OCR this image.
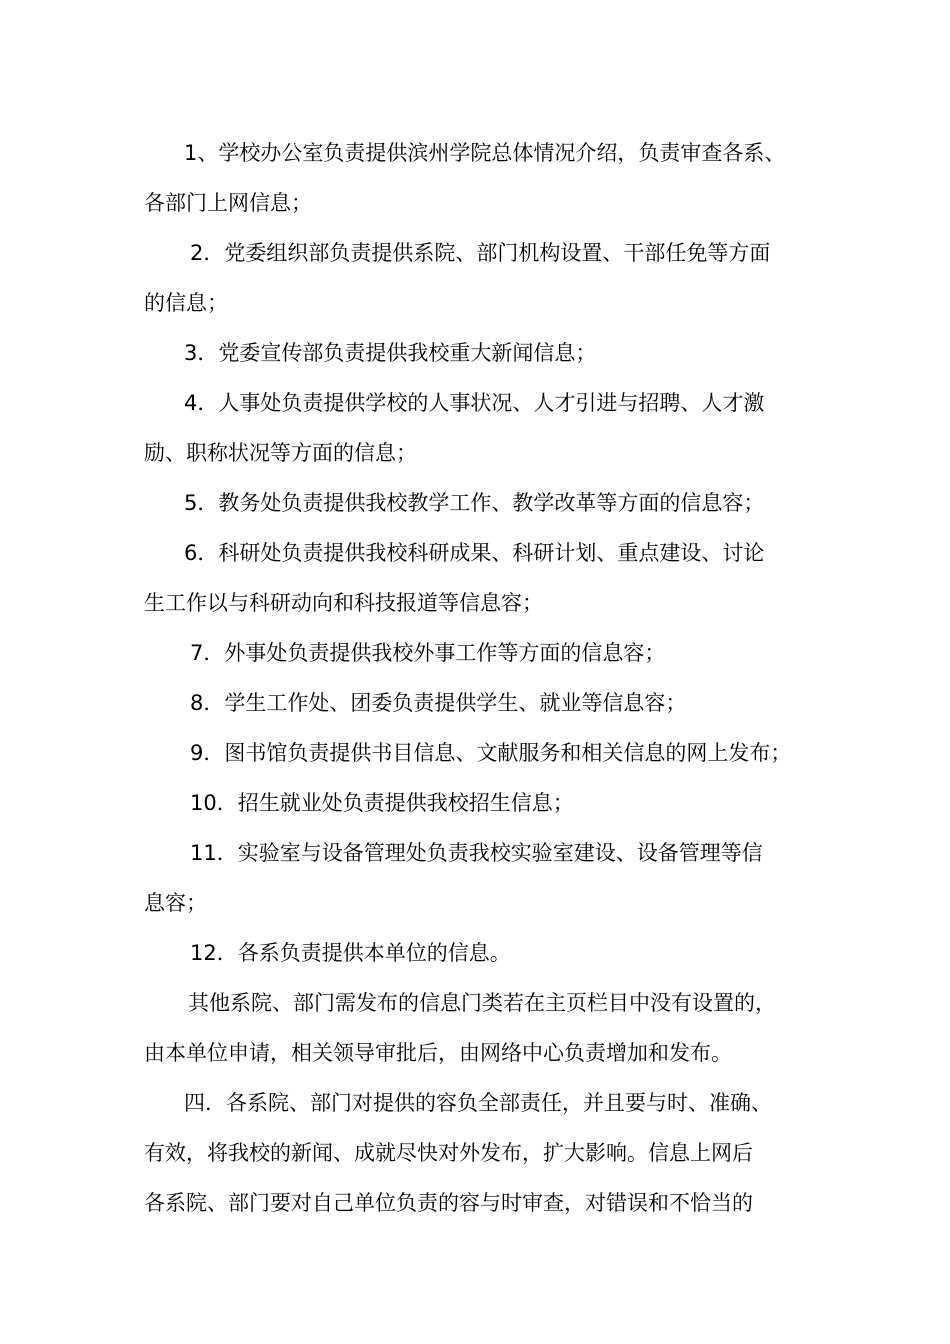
1、学校办公室负责提供滨州学院总体情况介绍，负责审查各系、

各部门上网信息；

2．党委组织部负责提供系院、部门机构设置、干部任免等方面

的信息；

3．党委宣传部负责提供我校重大新闻信息；

4．人事处负责提供学校的人事状况、人才引进与招聘、人才激

励、职称状况等方面的信息；

5．教务处负责提供我校教学工作、教学改革等方面的信息容；

6．科研处负责提供我校科研成果、科研计划、重点建设、讨论

生工作以与科研动向和科技报道等信息容；

7．外事处负责提供我校外事工作等方面的信息容；

8．学生工作处、团委负责提供学生、就业等信息容；

9．图书馆负责提供书目信息、文献服务和相关信息的网上发布；

10．招生就业处负责提供我校招生信息；

11．实验室与设备管理处负责我校实验室建设、设备管理等信

息容；

12．各系负责提供本单位的信息。

其他系院、部门需发布的信息门类若在主页栏目中没有设置的，

由本单位申请，相关领导审批后，由网络中心负责增加和发布。

四．各系院、部门对提供的容负全部责任，并且要与时、准确、

有效，将我校的新闻、成就尽快对外发布，扩大影响。信息上网后

各系院、部门要对自己单位负责的容与时审查，对错误和不恰当的
